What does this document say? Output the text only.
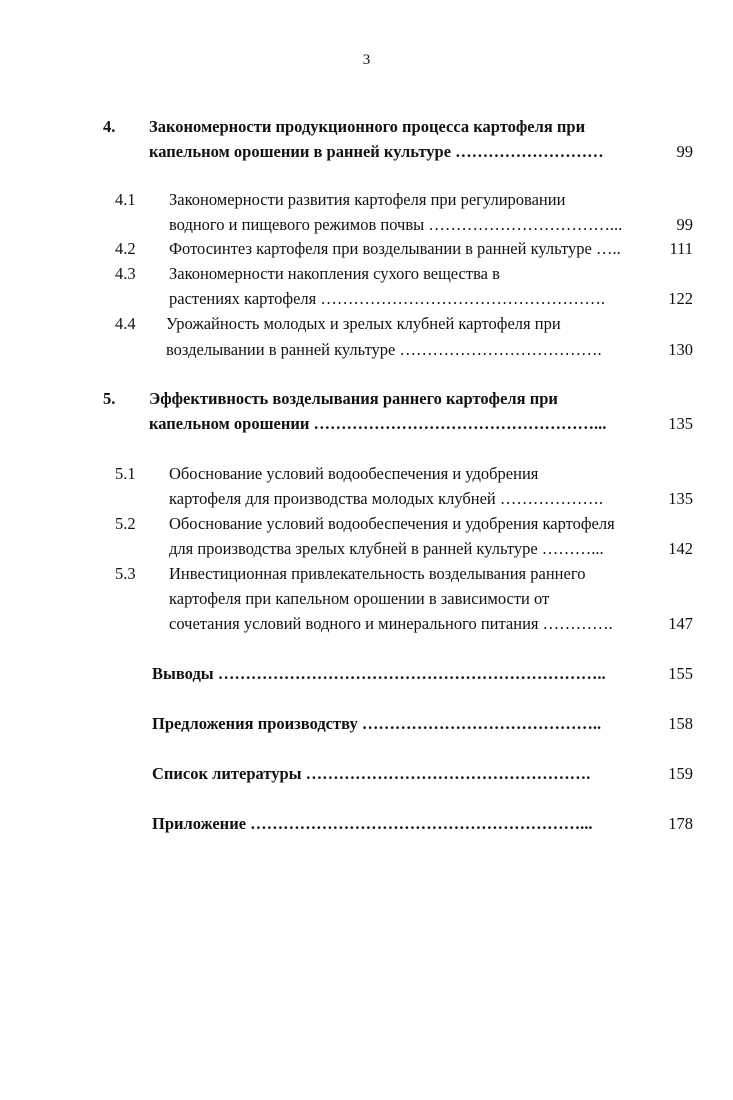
3
4. Закономерности продукционного процесса картофеля при
капельном орошении в ранней культуре ………………………	99
4.1 Закономерности развития картофеля при регулировании
водного и пищевого режимов почвы ……………………………...	99
4.2 Фотосинтез картофеля при возделывании в ранней культуре …..	111
4.3 Закономерности накопления сухого вещества в
растениях картофеля …………………………………………….	122
4.4 Урожайность молодых и зрелых клубней картофеля при
возделывании в ранней культуре ……………………………….	130
5. Эффективность возделывания раннего картофеля при
капельном орошении ……………………………………………...	135
5.1 Обоснование условий водообеспечения и удобрения
картофеля для производства молодых клубней ……………….	135
5.2 Обоснование условий водообеспечения и удобрения картофеля
для производства зрелых клубней в ранней культуре ………...	142
5.3 Инвестиционная привлекательность возделывания раннего
картофеля при капельном орошении в зависимости от
сочетания условий водного и минерального питания ………….	147
Выводы ……………………………………………………………..	155
Предложения производству ……………………………………..	158
Список литературы …………………………………………….	159
Приложение ……………………………………………………...	178
